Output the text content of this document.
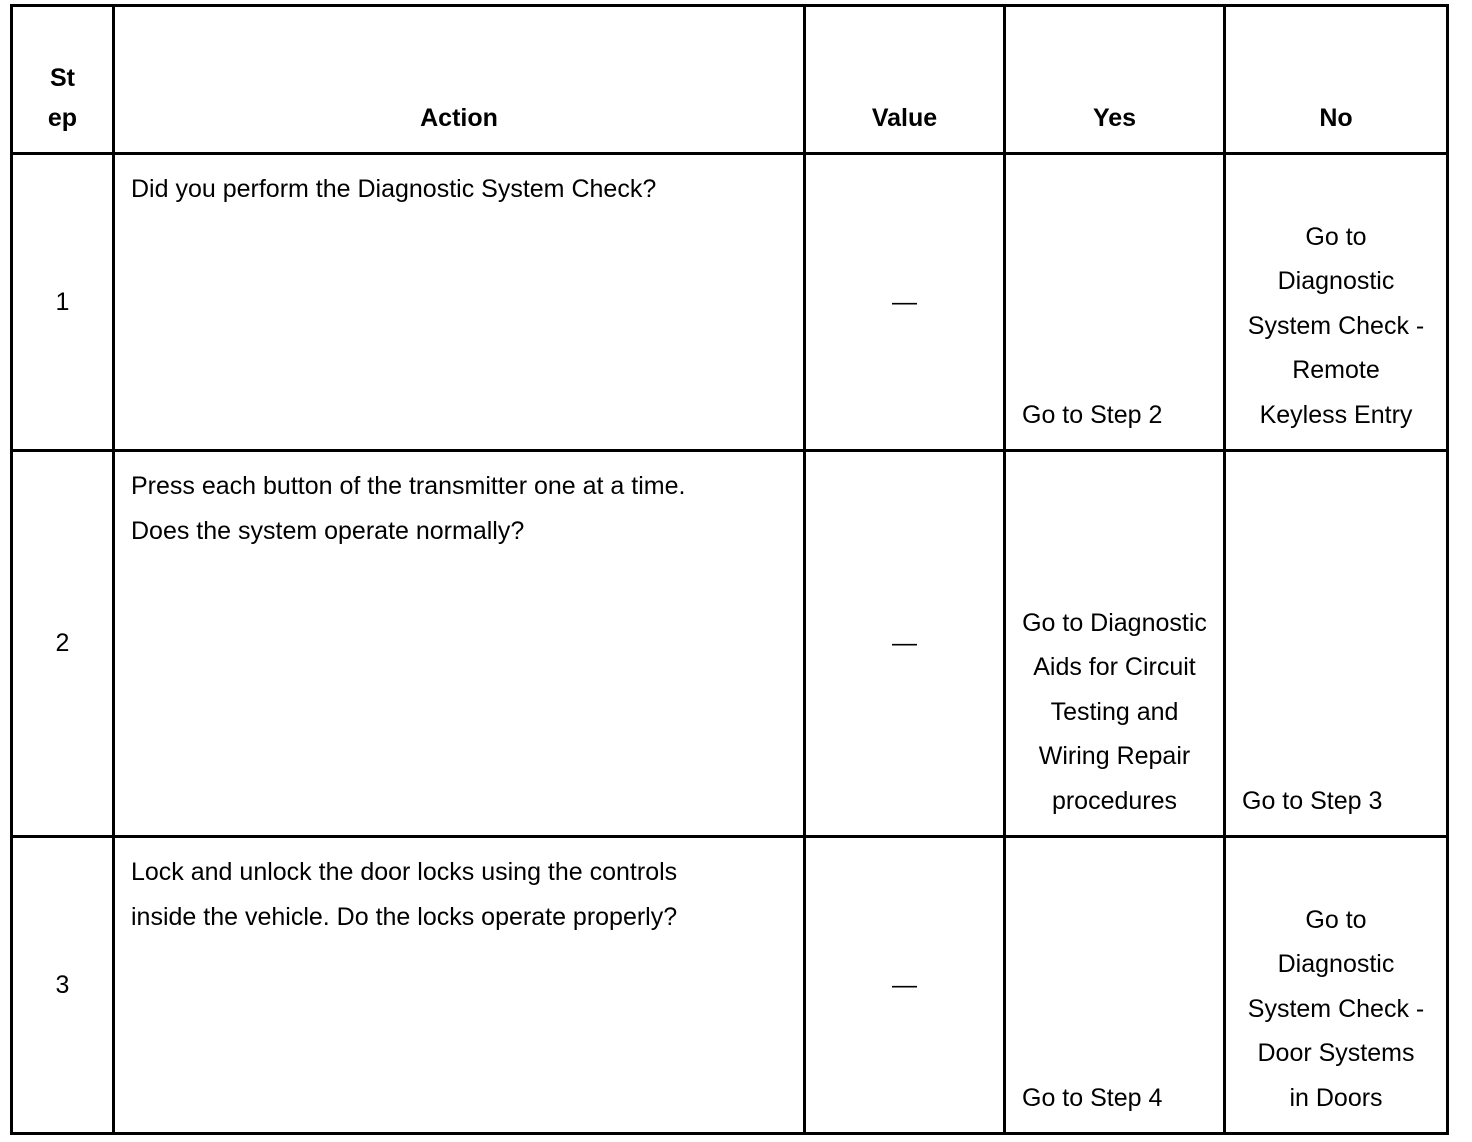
St ep	Action	Value	Yes	No
1	Did you perform the Diagnostic System Check?	—	Go to Step 2	Go to Diagnostic System Check - Remote Keyless Entry
2	Press each button of the transmitter one at a time. Does the system operate normally?	—	Go to Diagnostic Aids for Circuit Testing and Wiring Repair procedures	Go to Step 3
3	Lock and unlock the door locks using the controls inside the vehicle. Do the locks operate properly?	—	Go to Step 4	Go to Diagnostic System Check - Door Systems in Doors
